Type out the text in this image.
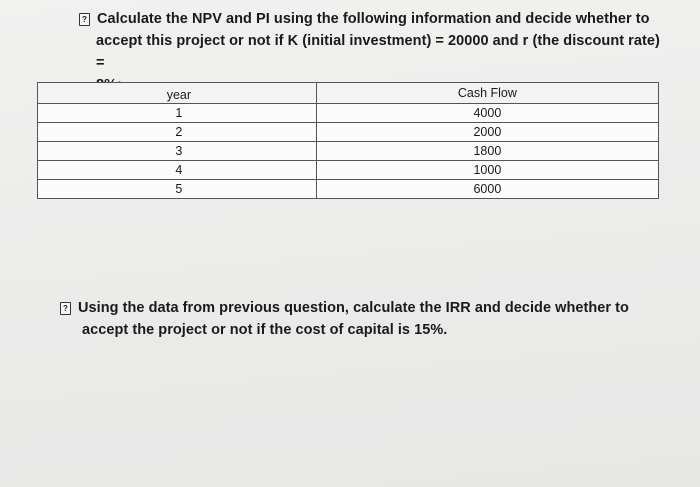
? Calculate the NPV and PI using the following information and decide whether to
accept this project or not if K (initial investment) = 20000 and r (the discount rate) =
year	Cash Flow
1	4000
2	2000
3	1800
4	1000
5	6000
? Using the data from previous question, calculate the IRR and decide whether to accept the project or not if the cost of capital is 15%.
